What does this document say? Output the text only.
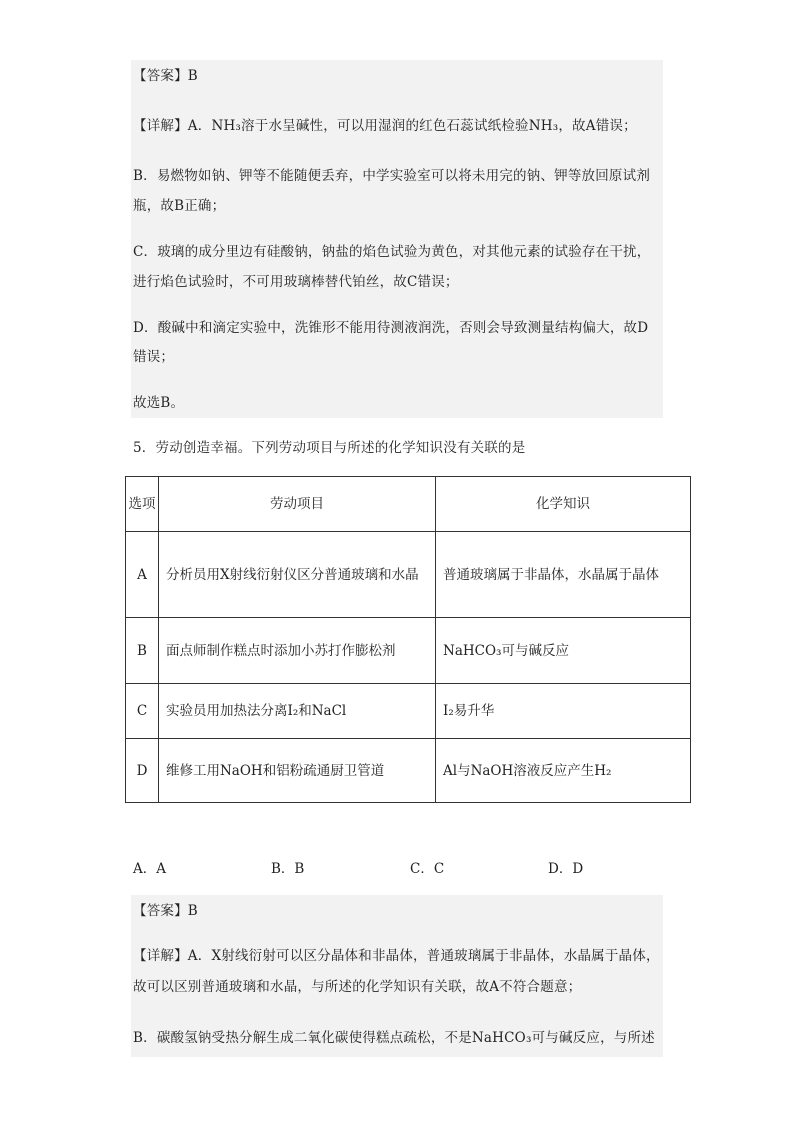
【答案】B
【详解】A．NH₃溶于水呈碱性，可以用湿润的红色石蕊试纸检验NH₃，故A错误；
B．易燃物如钠、钾等不能随便丢弃，中学实验室可以将未用完的钠、钾等放回原试剂
瓶，故B正确；
C．玻璃的成分里边有硅酸钠，钠盐的焰色试验为黄色，对其他元素的试验存在干扰，
进行焰色试验时，不可用玻璃棒替代铂丝，故C错误；
D．酸碱中和滴定实验中，洗锥形不能用待测液润洗，否则会导致测量结构偏大，故D
错误；
故选B。
5．劳动创造幸福。下列劳动项目与所述的化学知识没有关联的是
选项	劳动项目	化学知识
A	分析员用X射线衍射仪区分普通玻璃和水晶	普通玻璃属于非晶体，水晶属于晶体
B	面点师制作糕点时添加小苏打作膨松剂	NaHCO₃可与碱反应
C	实验员用加热法分离I₂和NaCl	I₂易升华
D	维修工用NaOH和铝粉疏通厨卫管道	Al与NaOH溶液反应产生H₂
A．A	B．B	C．C	D．D
【答案】B
【详解】A．X射线衍射可以区分晶体和非晶体，普通玻璃属于非晶体，水晶属于晶体，
故可以区别普通玻璃和水晶，与所述的化学知识有关联，故A不符合题意；
B．碳酸氢钠受热分解生成二氧化碳使得糕点疏松，不是NaHCO₃可与碱反应，与所述
